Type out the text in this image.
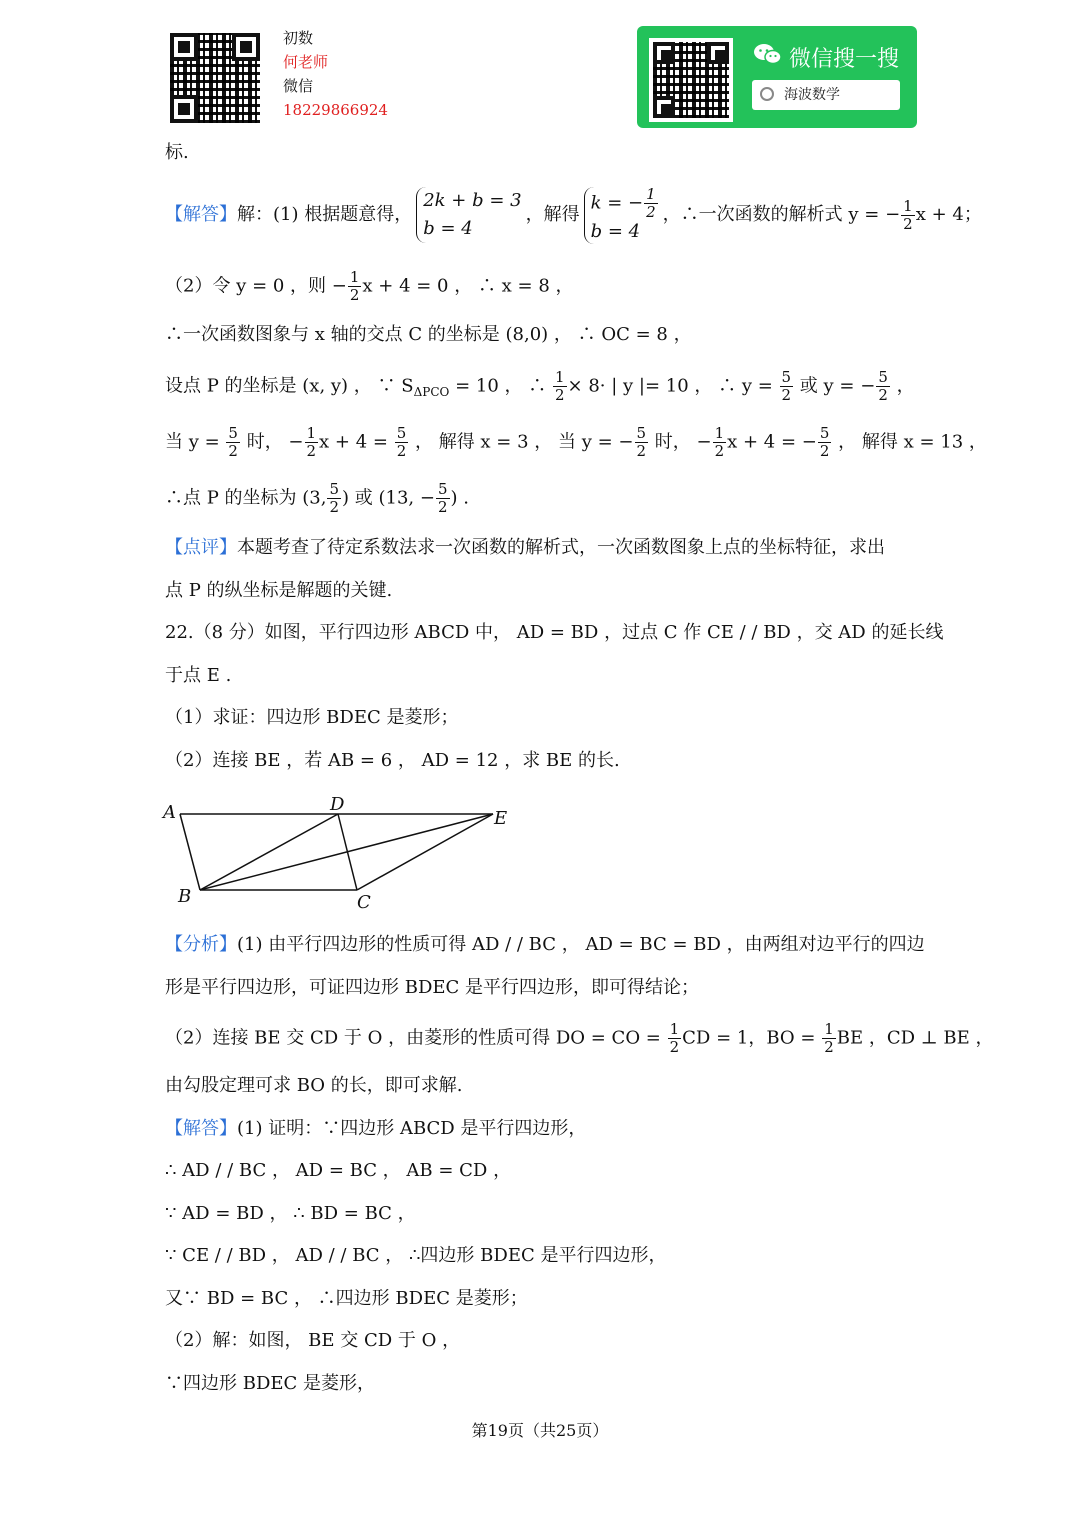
初数
何老师
微信
18229866924
微信搜一搜
海波数学
标.
【解答】解：(1) 根据题意得，
2k + b = 3
b = 4
，解得
k = − $\frac{1}{2}$
b = 4
，∴一次函数的解析式 y = − $\frac{1}{2}$ x + 4；
（2）令 y = 0 ，则 − $\frac{1}{2}$ x + 4 = 0 ， ∴ x = 8 ，
∴一次函数图象与 x 轴的交点 C 的坐标是 (8,0) ， ∴ OC = 8 ，
设点 P 的坐标是 (x, y) ， ∵ $S_{\Delta PCO} = 10$ ， ∴ $\frac{1}{2} \times 8\cdot$ | y |= 10 ， ∴ $y = \frac{5}{2}$ 或 y = − $\frac{5}{2}$ ，
当 $y = \frac{5}{2}$ 时， − $\frac{1}{2}$ $x + 4 = \frac{5}{2}$ ， 解得 x = 3 ， 当 y = − $\frac{5}{2}$ 时， − $\frac{1}{2}$ x + 4 = − $\frac{5}{2}$ ， 解得 x = 13 ，
∴点 P 的坐标为 (3, $\frac{5}{2}$ ) 或 (13, − $\frac{5}{2}$ ) .
【点评】本题考查了待定系数法求一次函数的解析式，一次函数图象上点的坐标特征，求出
点 P 的纵坐标是解题的关键.
22.（8 分）如图，平行四边形 ABCD 中， AD = BD ，过点 C 作 CE / / BD ，交 AD 的延长线
于点 E .
（1）求证：四边形 BDEC 是菱形；
（2）连接 BE ，若 AB = 6 ， AD = 12 ，求 BE 的长.
A	D
E
B	C
【分析】(1) 由平行四边形的性质可得 AD / / BC ， AD = BC = BD ，由两组对边平行的四边
形是平行四边形，可证四边形 BDEC 是平行四边形，即可得结论；
（2）连接 BE 交 CD 于 O ，由菱形的性质可得 DO = CO = $\frac{1}{2}$ CD = 1，BO = $\frac{1}{2}$ BE ，CD ⊥ BE ，
由勾股定理可求 BO 的长，即可求解.
【解答】(1) 证明：∵四边形 ABCD 是平行四边形，
∴ AD / / BC ， AD = BC ， AB = CD ，
∵ AD = BD ， ∴ BD = BC ，
∵ CE / / BD ， AD / / BC ， ∴四边形 BDEC 是平行四边形，
又∵ BD = BC ， ∴四边形 BDEC 是菱形；
（2）解：如图， BE 交 CD 于 O ，
∵四边形 BDEC 是菱形，
第19页（共25页）
